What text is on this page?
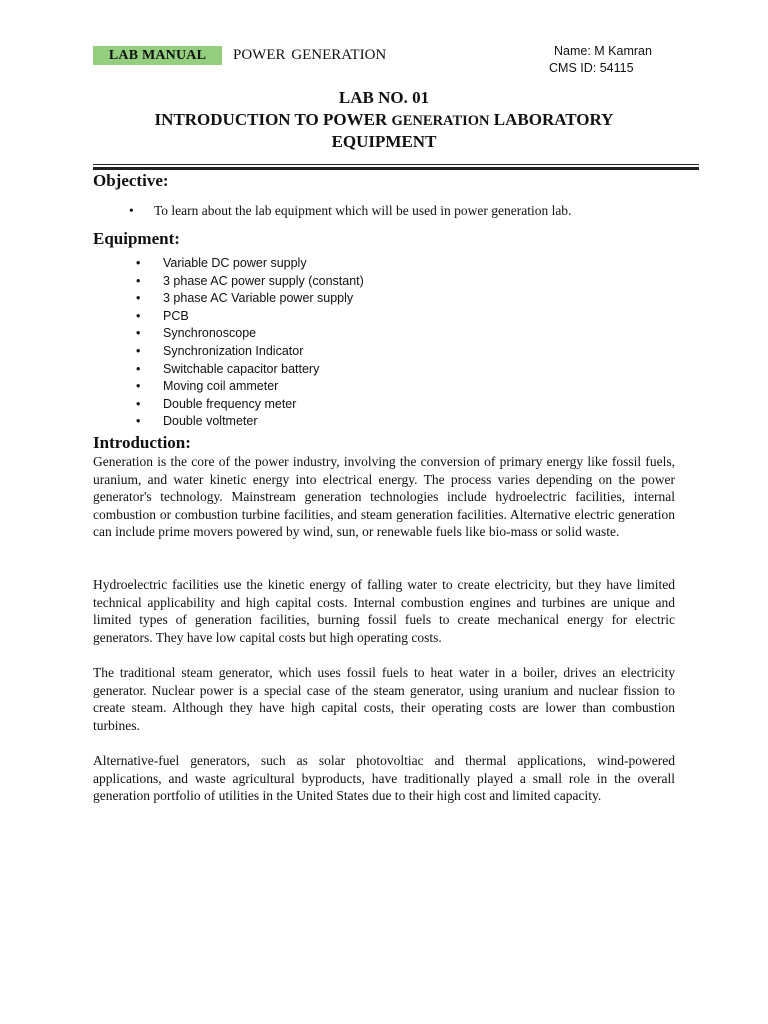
LAB MANUAL	POWER GENERATION	Name: M Kamran
CMS ID: 54115
LAB NO. 01
INTRODUCTION TO POWER GENERATION LABORATORY
EQUIPMENT
Objective:
• To learn about the lab equipment which will be used in power generation lab.
Equipment:
• Variable DC power supply
• 3 phase AC power supply (constant)
• 3 phase AC Variable power supply
• PCB
• Synchronoscope
• Synchronization Indicator
• Switchable capacitor battery
• Moving coil ammeter
• Double frequency meter
• Double voltmeter
Introduction:

Generation is the core of the power industry, involving the conversion of primary energy like fossil fuels, uranium, and water kinetic energy into electrical energy. The process varies depending on the power generator's technology. Mainstream generation technologies include hydroelectric facilities, internal combustion or combustion turbine facilities, and steam generation facilities. Alternative electric generation can include prime movers powered by wind, sun, or renewable fuels like bio-mass or solid waste.

Hydroelectric facilities use the kinetic energy of falling water to create electricity, but they have limited technical applicability and high capital costs. Internal combustion engines and turbines are unique and limited types of generation facilities, burning fossil fuels to create mechanical energy for electric generators. They have low capital costs but high operating costs.

The traditional steam generator, which uses fossil fuels to heat water in a boiler, drives an electricity generator. Nuclear power is a special case of the steam generator, using uranium and nuclear fission to create steam. Although they have high capital costs, their operating costs are lower than combustion turbines.

Alternative-fuel generators, such as solar photovoltiac and thermal applications, wind-powered applications, and waste agricultural byproducts, have traditionally played a small role in the overall generation portfolio of utilities in the United States due to their high cost and limited capacity.
